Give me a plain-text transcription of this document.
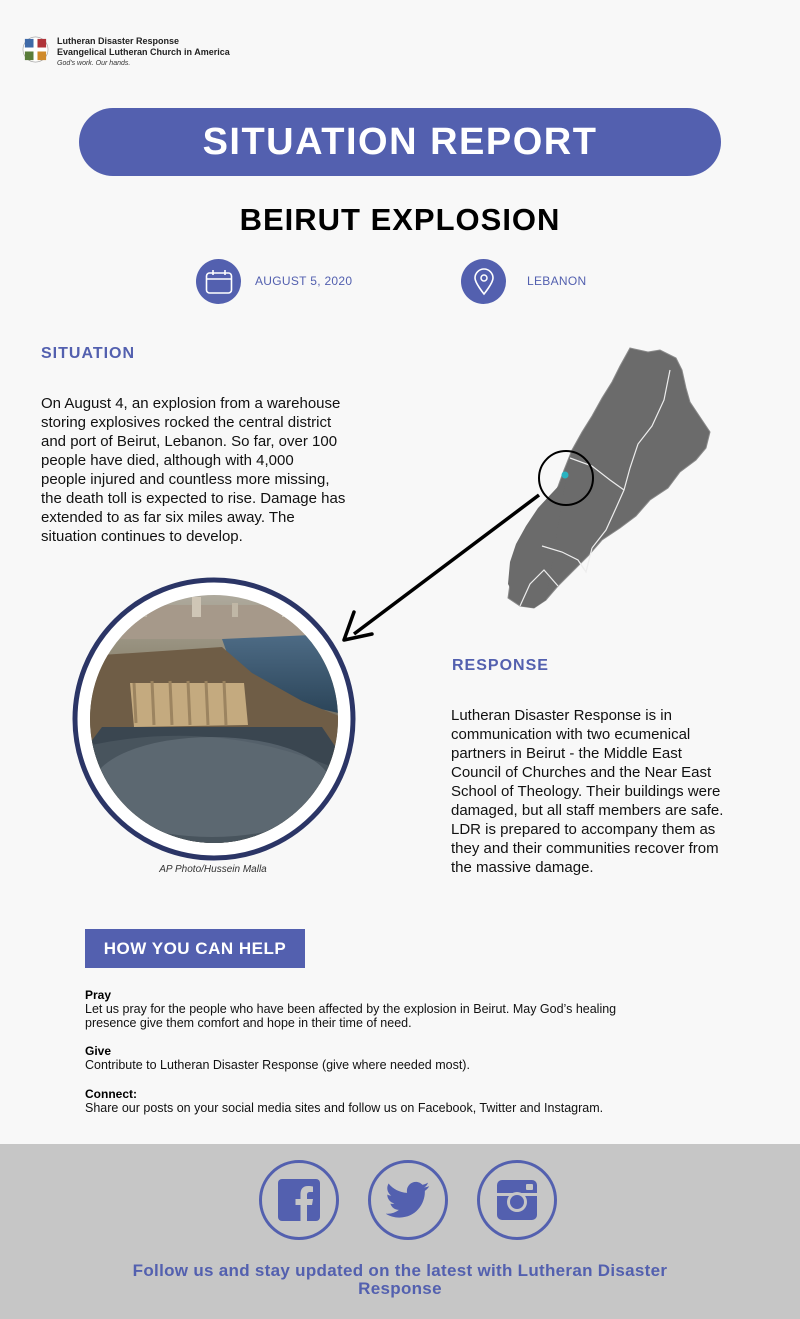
Lutheran Disaster Response
Evangelical Lutheran Church in America
God's work. Our hands.
SITUATION REPORT
BEIRUT EXPLOSION
AUGUST 5, 2020	LEBANON
SITUATION
On August 4, an explosion from a warehouse
storing explosives rocked the central district
and port of Beirut, Lebanon. So far, over 100
people have died, although with 4,000
people injured and countless more missing,
the death toll is expected to rise. Damage has
extended to as far six miles away. The
situation continues to develop.
AP Photo/Hussein Malla
RESPONSE
Lutheran Disaster Response is in
communication with two ecumenical
partners in Beirut - the Middle East
Council of Churches and the Near East
School of Theology. Their buildings were
damaged, but all staff members are safe.
LDR is prepared to accompany them as
they and their communities recover from
the massive damage.
HOW YOU CAN HELP
Pray
Let us pray for the people who have been affected by the explosion in Beirut. May God’s healing
presence give them comfort and hope in their time of need.
Give
Contribute to Lutheran Disaster Response (give where needed most).
Connect:
Share our posts on your social media sites and follow us on Facebook, Twitter and Instagram.
Follow us and stay updated on the latest with Lutheran Disaster
Response
